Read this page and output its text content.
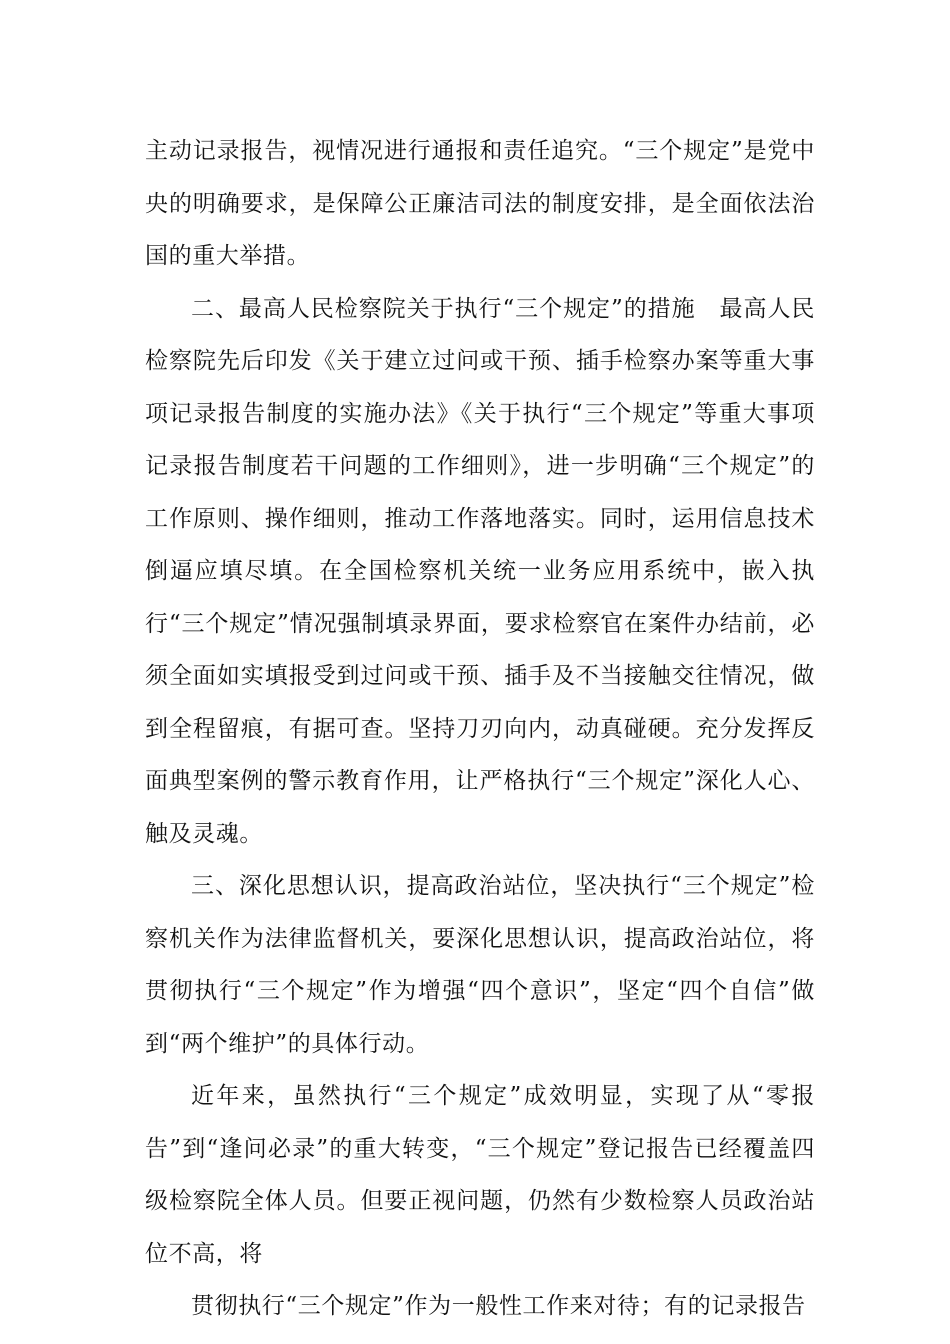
主动记录报告，视情况进行通报和责任追究。“三个规定”是党中央的明确要求，是保障公正廉洁司法的制度安排，是全面依法治国的重大举措。

二、最高人民检察院关于执行“三个规定”的措施　最高人民检察院先后印发《关于建立过问或干预、插手检察办案等重大事项记录报告制度的实施办法》《关于执行“三个规定”等重大事项记录报告制度若干问题的工作细则》，进一步明确“三个规定”的工作原则、操作细则，推动工作落地落实。同时，运用信息技术倒逼应填尽填。在全国检察机关统一业务应用系统中，嵌入执行“三个规定”情况强制填录界面，要求检察官在案件办结前，必须全面如实填报受到过问或干预、插手及不当接触交往情况，做到全程留痕，有据可查。坚持刀刃向内，动真碰硬。充分发挥反面典型案例的警示教育作用，让严格执行“三个规定”深化人心、触及灵魂。

三、深化思想认识，提高政治站位，坚决执行“三个规定”检察机关作为法律监督机关，要深化思想认识，提高政治站位，将贯彻执行“三个规定”作为增强“四个意识”，坚定“四个自信”做到“两个维护”的具体行动。

近年来，虽然执行“三个规定”成效明显，实现了从“零报告”到“逢问必录”的重大转变，“三个规定”登记报告已经覆盖四级检察院全体人员。但要正视问题，仍然有少数检察人员政治站位不高，将

贯彻执行“三个规定”作为一般性工作来对待；有的记录报告
